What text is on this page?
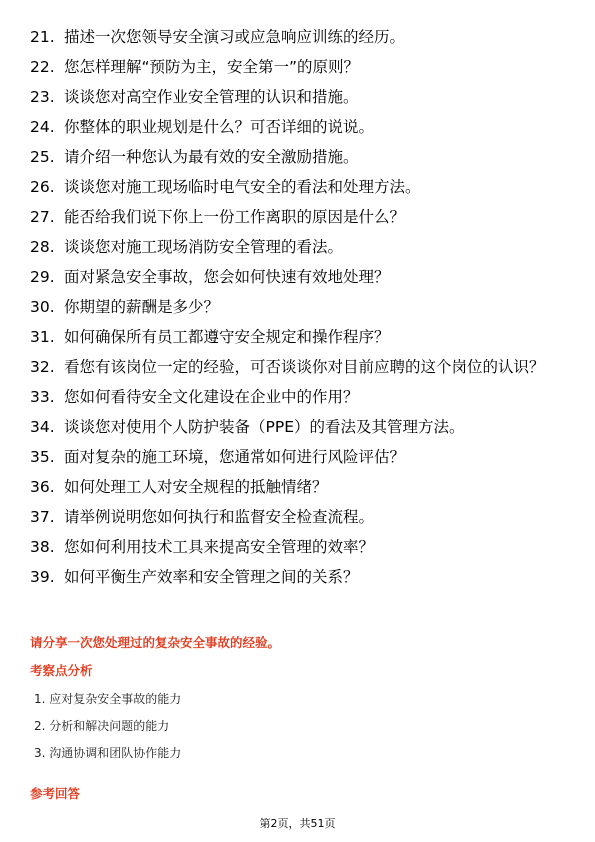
21. 描述一次您领导安全演习或应急响应训练的经历。
22. 您怎样理解“预防为主，安全第一”的原则？
23. 谈谈您对高空作业安全管理的认识和措施。
24. 你整体的职业规划是什么？可否详细的说说。
25. 请介绍一种您认为最有效的安全激励措施。
26. 谈谈您对施工现场临时电气安全的看法和处理方法。
27. 能否给我们说下你上一份工作离职的原因是什么？
28. 谈谈您对施工现场消防安全管理的看法。
29. 面对紧急安全事故，您会如何快速有效地处理？
30. 你期望的薪酬是多少？
31. 如何确保所有员工都遵守安全规定和操作程序？
32. 看您有该岗位一定的经验，可否谈谈你对目前应聘的这个岗位的认识？
33. 您如何看待安全文化建设在企业中的作用？
34. 谈谈您对使用个人防护装备（PPE）的看法及其管理方法。
35. 面对复杂的施工环境，您通常如何进行风险评估？
36. 如何处理工人对安全规程的抵触情绪？
37. 请举例说明您如何执行和监督安全检查流程。
38. 您如何利用技术工具来提高安全管理的效率？
39. 如何平衡生产效率和安全管理之间的关系？
请分享一次您处理过的复杂安全事故的经验。
考察点分析
1. 应对复杂安全事故的能力
2. 分析和解决问题的能力
3. 沟通协调和团队协作能力
参考回答
第2页，共51页
